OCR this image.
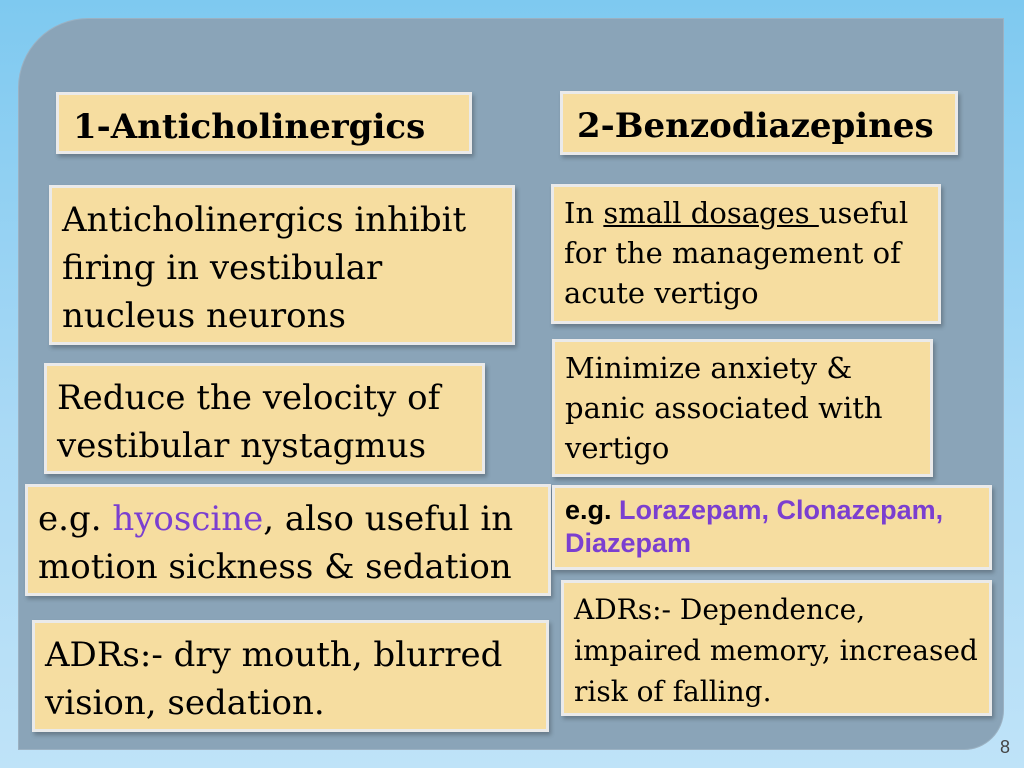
1-Anticholinergics
Anticholinergics inhibit firing in vestibular nucleus neurons
Reduce the velocity of vestibular nystagmus
e.g. hyoscine, also useful in motion sickness & sedation
ADRs:- dry mouth, blurred vision, sedation.
2-Benzodiazepines
In small dosages useful for the management of acute vertigo
Minimize anxiety & panic associated with vertigo
e.g. Lorazepam, Clonazepam, Diazepam
ADRs:- Dependence, impaired memory, increased risk of falling.
8
